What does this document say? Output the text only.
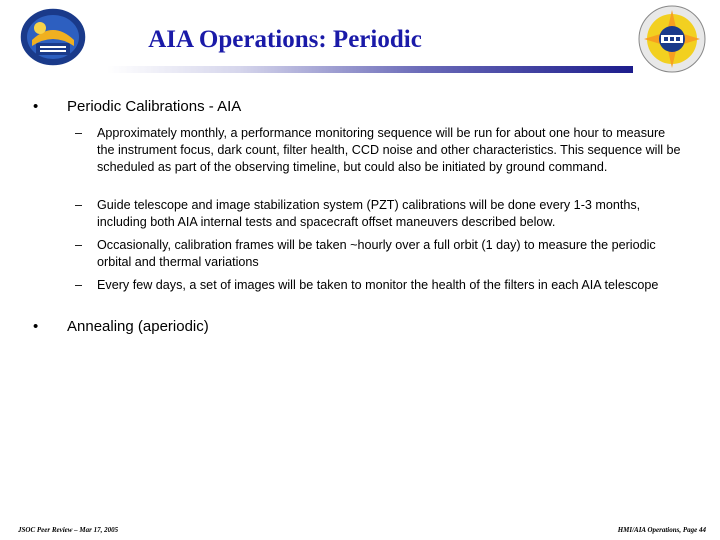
AIA Operations: Periodic
• Periodic Calibrations - AIA
– Approximately monthly, a performance monitoring sequence will be run for about one hour to measure the instrument focus, dark count, filter health, CCD noise and other characteristics. This sequence will be scheduled as part of the observing timeline, but could also be initiated by ground command.
– Guide telescope and image stabilization system (PZT) calibrations will be done every 1-3 months, including both AIA internal tests and spacecraft offset maneuvers described below.
– Occasionally, calibration frames will be taken ~hourly over a full orbit (1 day) to measure the periodic orbital and thermal variations
– Every few days, a set of images will be taken to monitor the health of the filters in each AIA telescope
• Annealing (aperiodic)
JSOC Peer Review – Mar 17, 2005	HMI/AIA Operations, Page 44
